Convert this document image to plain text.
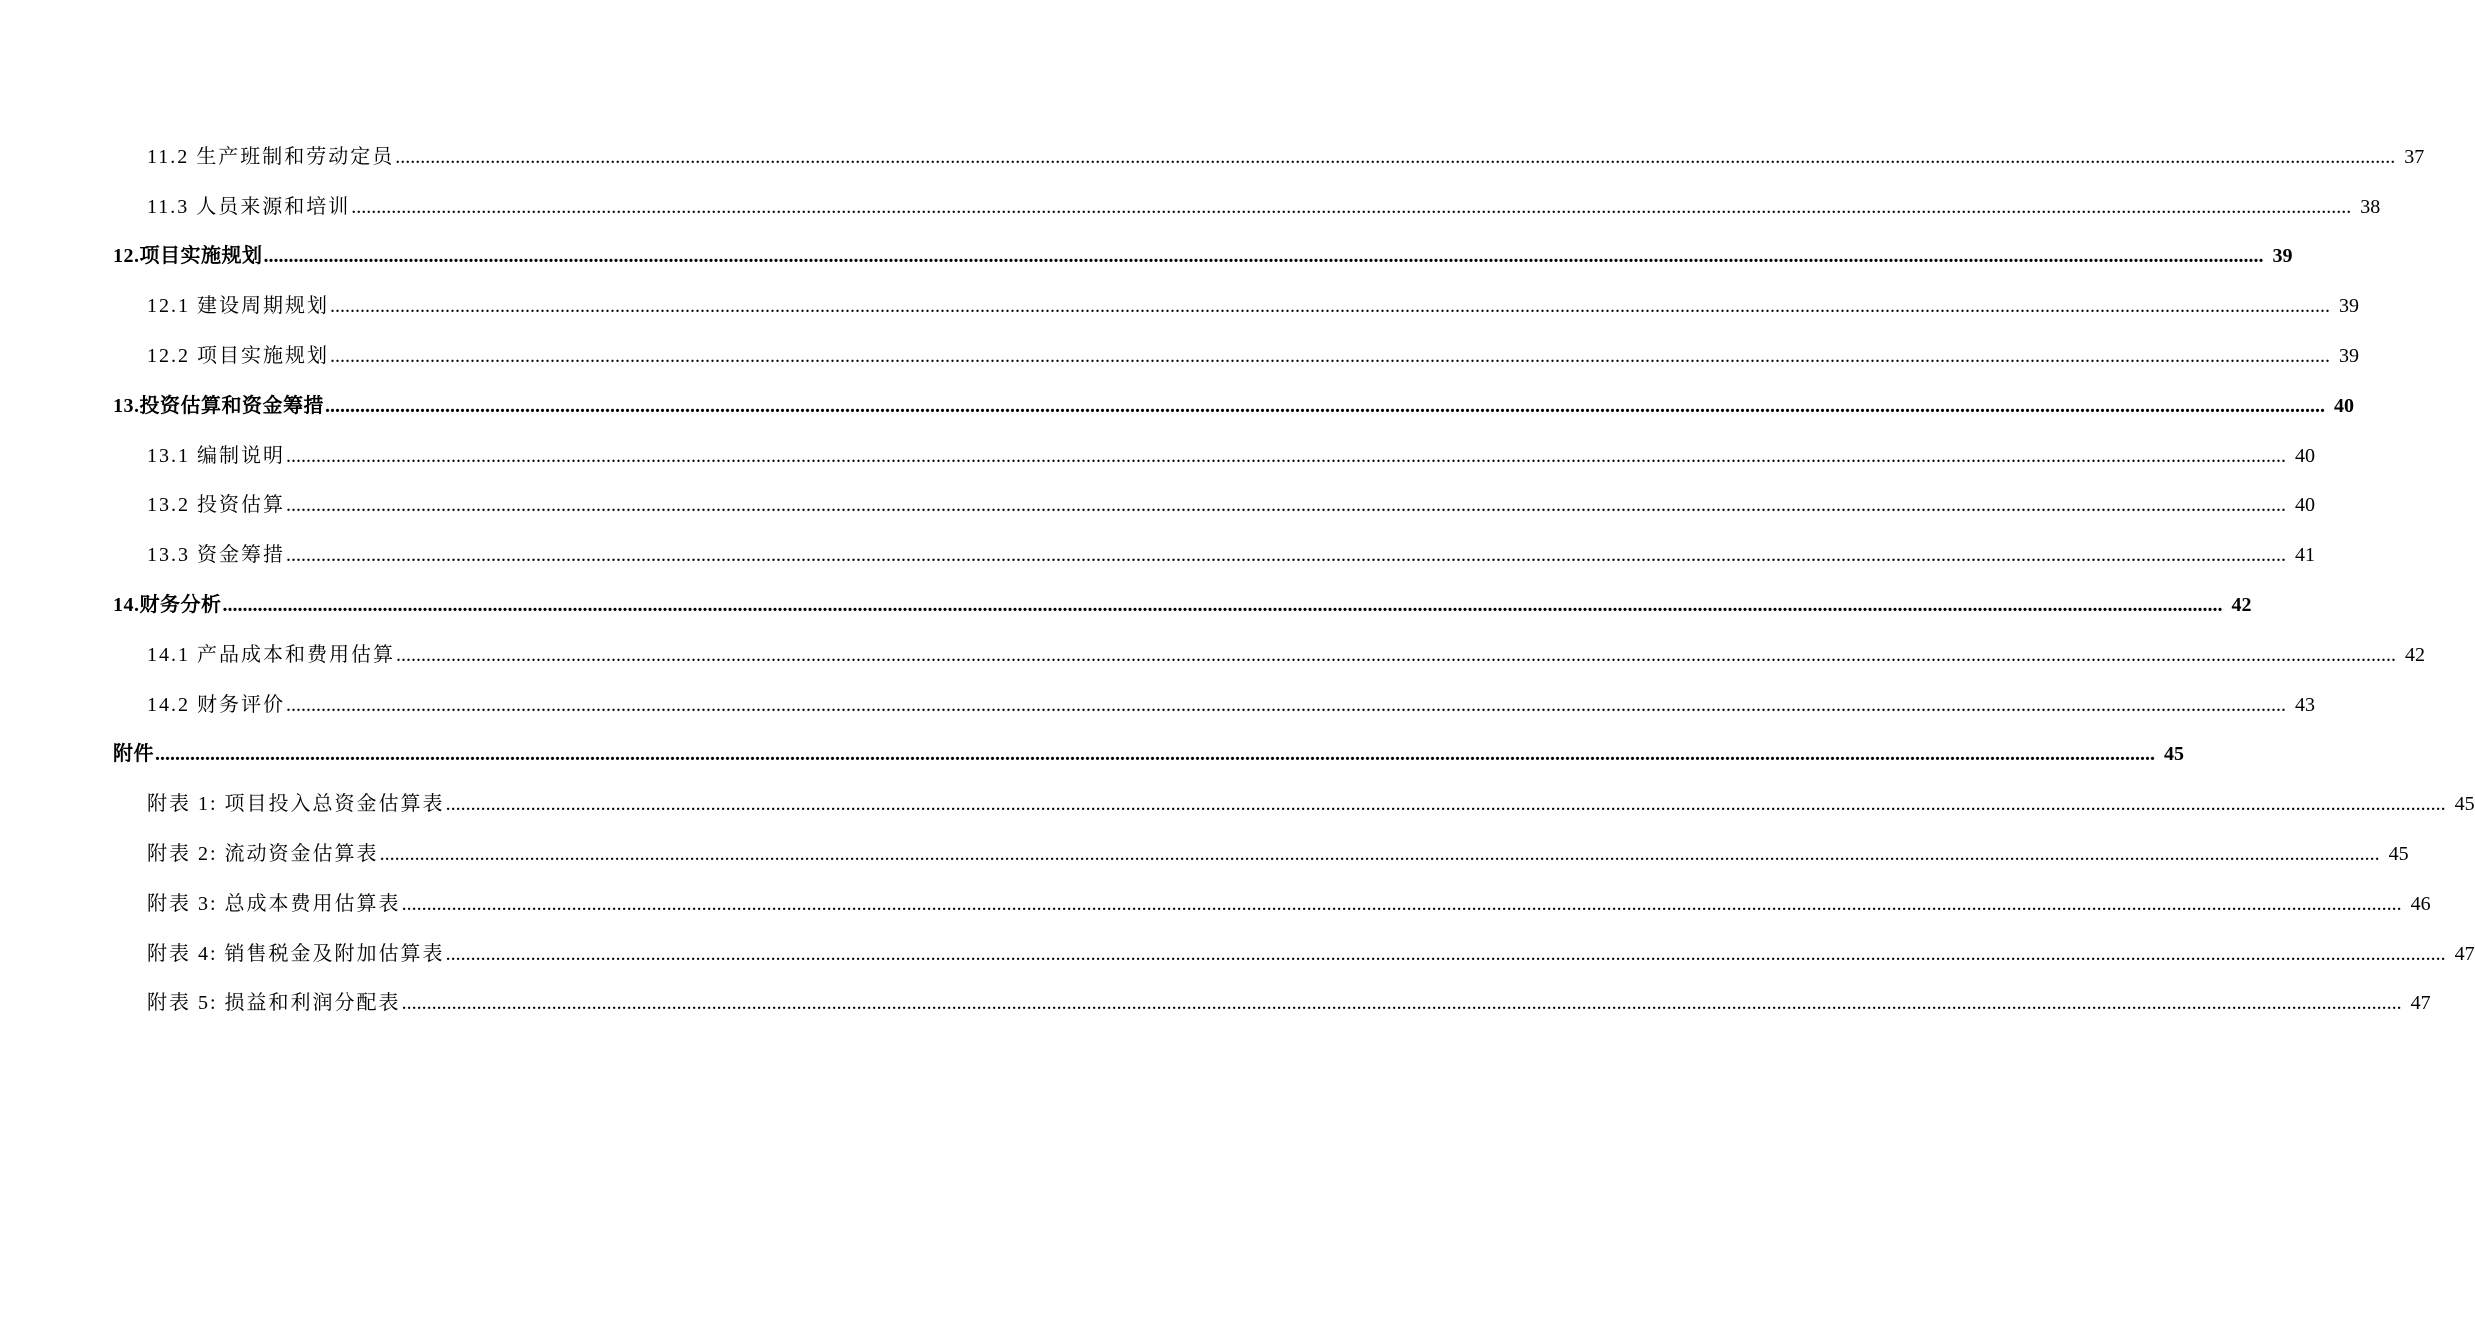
11.2 生产班制和劳动定员 ................................................................................................................................................................................................................................................................................................................................................................................................................ 37
11.3 人员来源和培训 ................................................................................................................................................................................................................................................................................................................................................................................................................ 38
12.项目实施规划 ................................................................................................................................................................................................................................................................................................................................................................................................................ 39
12.1 建设周期规划 ................................................................................................................................................................................................................................................................................................................................................................................................................ 39
12.2 项目实施规划 ................................................................................................................................................................................................................................................................................................................................................................................................................ 39
13.投资估算和资金筹措 ................................................................................................................................................................................................................................................................................................................................................................................................................ 40
13.1 编制说明 ................................................................................................................................................................................................................................................................................................................................................................................................................ 40
13.2 投资估算 ................................................................................................................................................................................................................................................................................................................................................................................................................ 40
13.3 资金筹措 ................................................................................................................................................................................................................................................................................................................................................................................................................ 41
14.财务分析 ................................................................................................................................................................................................................................................................................................................................................................................................................ 42
14.1 产品成本和费用估算 ................................................................................................................................................................................................................................................................................................................................................................................................................ 42
14.2 财务评价 ................................................................................................................................................................................................................................................................................................................................................................................................................ 43
附件 ................................................................................................................................................................................................................................................................................................................................................................................................................ 45
附表 1: 项目投入总资金估算表 ................................................................................................................................................................................................................................................................................................................................................................................................................ 45
附表 2: 流动资金估算表 ................................................................................................................................................................................................................................................................................................................................................................................................................ 45
附表 3: 总成本费用估算表 ................................................................................................................................................................................................................................................................................................................................................................................................................ 46
附表 4: 销售税金及附加估算表 ................................................................................................................................................................................................................................................................................................................................................................................................................ 47
附表 5: 损益和利润分配表 ................................................................................................................................................................................................................................................................................................................................................................................................................ 47
